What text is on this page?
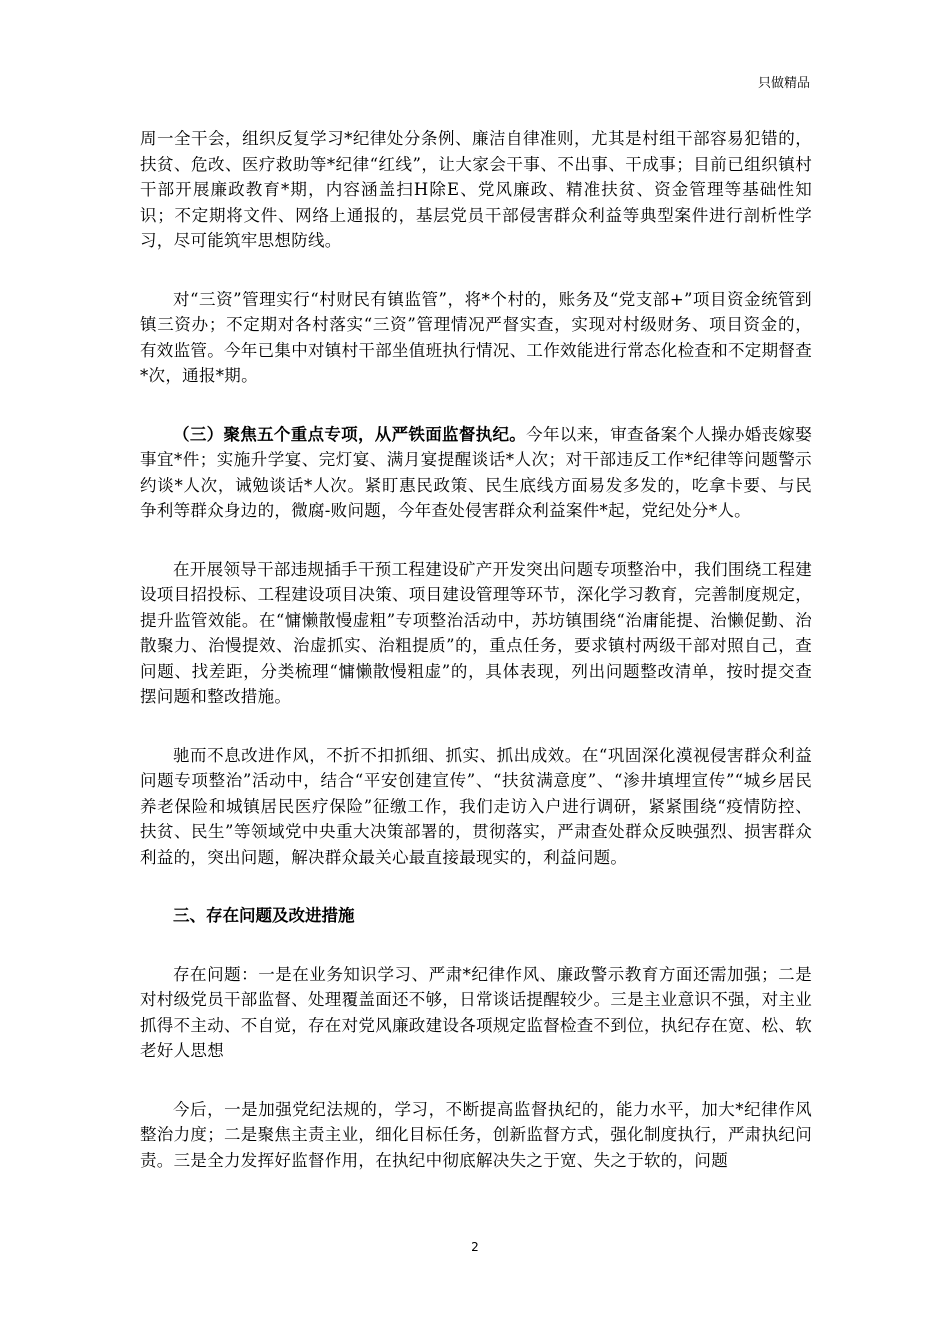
只做精品

周一全干会，组织反复学习*纪律处分条例、廉洁自律准则，尤其是村组干部容易犯错的，扶贫、危改、医疗救助等*纪律“红线”，让大家会干事、不出事、干成事；目前已组织镇村干部开展廉政教育*期，内容涵盖扫H除E、党风廉政、精准扶贫、资金管理等基础性知识；不定期将文件、网络上通报的，基层党员干部侵害群众利益等典型案件进行剖析性学习，尽可能筑牢思想防线。

对“三资”管理实行“村财民有镇监管”，将*个村的，账务及“党支部+”项目资金统管到镇三资办；不定期对各村落实“三资”管理情况严督实查，实现对村级财务、项目资金的，有效监管。今年已集中对镇村干部坐值班执行情况、工作效能进行常态化检查和不定期督查*次，通报*期。

（三）聚焦五个重点专项，从严铁面监督执纪。今年以来，审查备案个人操办婚丧嫁娶事宜*件；实施升学宴、完灯宴、满月宴提醒谈话*人次；对干部违反工作*纪律等问题警示约谈*人次，诫勉谈话*人次。紧盯惠民政策、民生底线方面易发多发的，吃拿卡要、与民争利等群众身边的，微腐-败问题，今年查处侵害群众利益案件*起，党纪处分*人。

在开展领导干部违规插手干预工程建设矿产开发突出问题专项整治中，我们围绕工程建设项目招投标、工程建设项目决策、项目建设管理等环节，深化学习教育，完善制度规定，提升监管效能。在“慵懒散慢虚粗”专项整治活动中，苏坊镇围绕“治庸能提、治懒促勤、治散聚力、治慢提效、治虚抓实、治粗提质”的，重点任务，要求镇村两级干部对照自己，查问题、找差距，分类梳理“慵懒散慢粗虚”的，具体表现，列出问题整改清单，按时提交查摆问题和整改措施。

驰而不息改进作风，不折不扣抓细、抓实、抓出成效。在“巩固深化漠视侵害群众利益问题专项整治”活动中，结合“平安创建宣传”、“扶贫满意度”、“渗井填埋宣传”“城乡居民养老保险和城镇居民医疗保险”征缴工作，我们走访入户进行调研，紧紧围绕“疫情防控、扶贫、民生”等领域党中央重大决策部署的，贯彻落实，严肃查处群众反映强烈、损害群众利益的，突出问题，解决群众最关心最直接最现实的，利益问题。

三、存在问题及改进措施

存在问题：一是在业务知识学习、严肃*纪律作风、廉政警示教育方面还需加强；二是对村级党员干部监督、处理覆盖面还不够，日常谈话提醒较少。三是主业意识不强，对主业抓得不主动、不自觉，存在对党风廉政建设各项规定监督检查不到位，执纪存在宽、松、软老好人思想

今后，一是加强党纪法规的，学习，不断提高监督执纪的，能力水平，加大*纪律作风整治力度；二是聚焦主责主业，细化目标任务，创新监督方式，强化制度执行，严肃执纪问责。三是全力发挥好监督作用，在执纪中彻底解决失之于宽、失之于软的，问题

2
